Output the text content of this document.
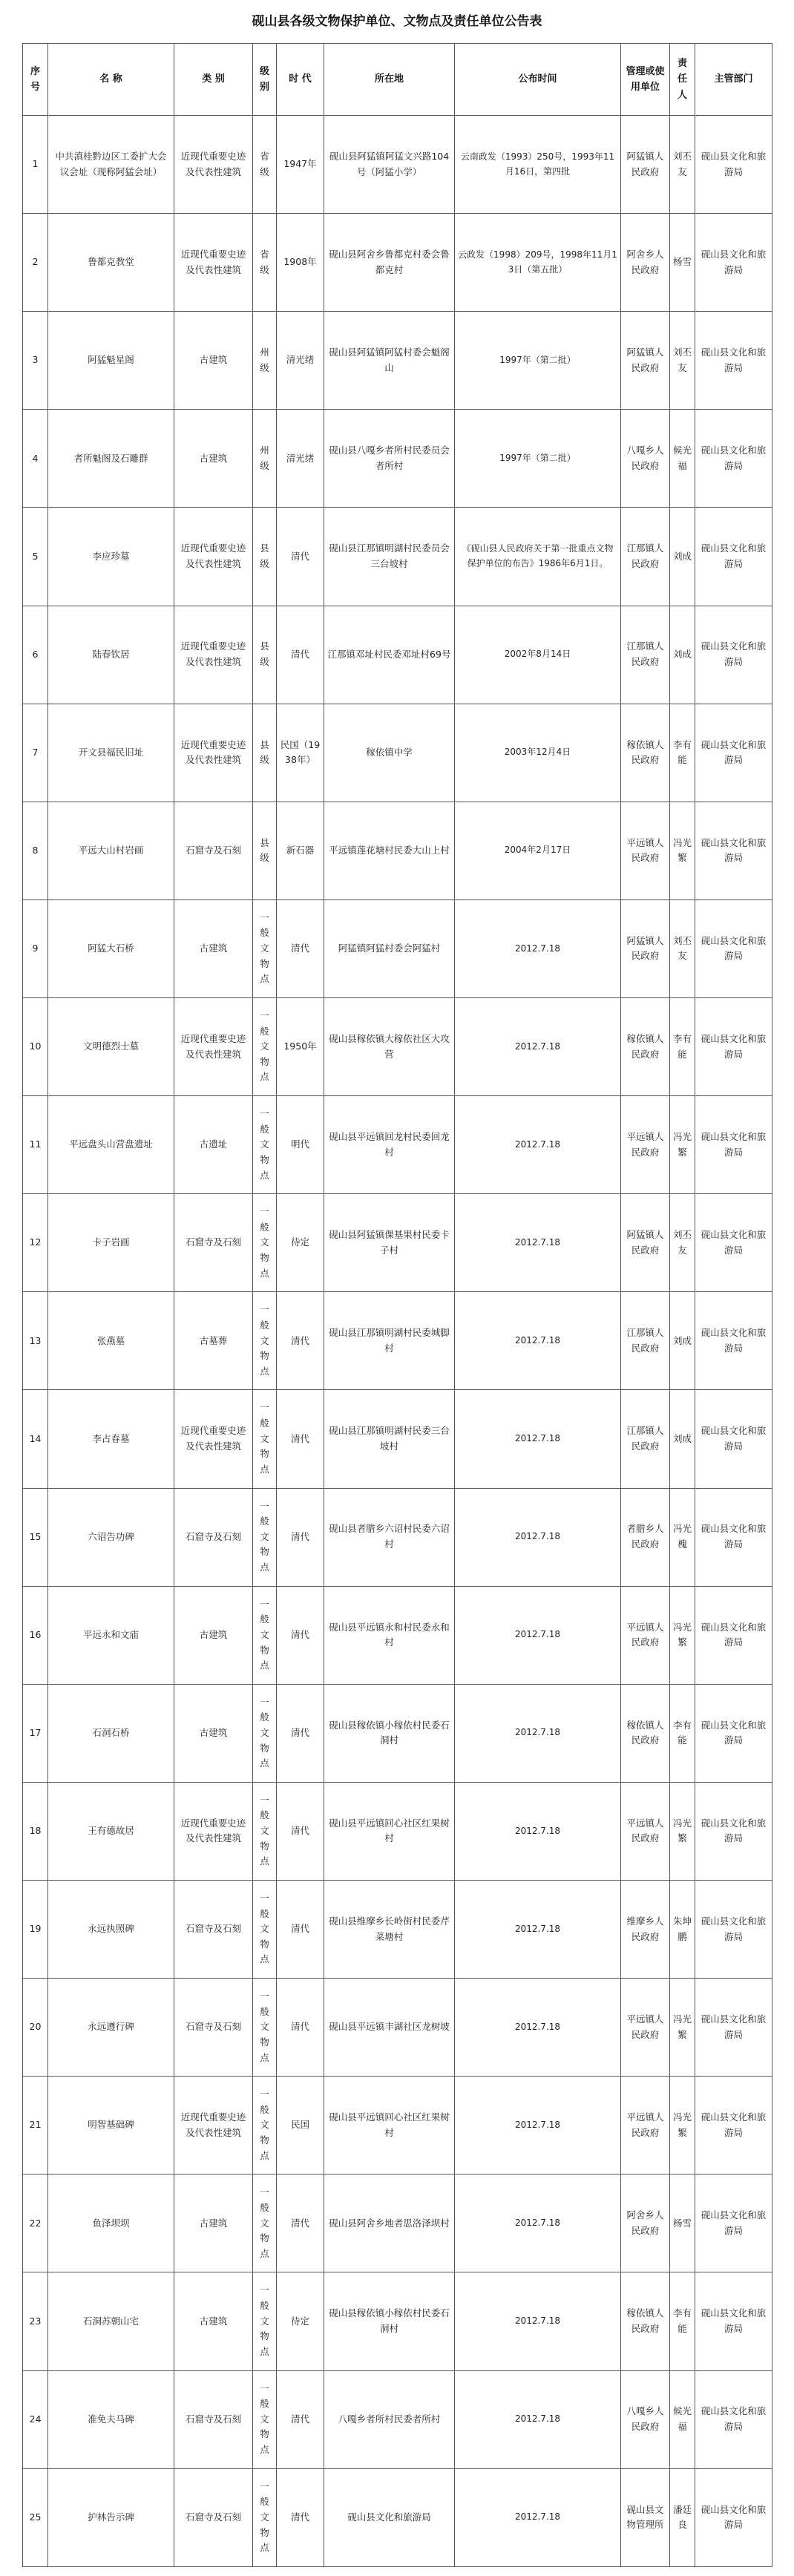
砚山县各级文物保护单位、文物点及责任单位公告表
序号	名 称	类 别	级别	时 代	所在地	公布时间	管理或使用单位	责任人	主管部门
1	中共滇桂黔边区工委扩大会议会址（现称阿猛会址）	近现代重要史迹及代表性建筑	省级	1947年	砚山县阿猛镇阿猛文兴路104号（阿猛小学）	云南政发（1993）250号，1993年11月16日，第四批	阿猛镇人民政府	刘丕友	砚山县文化和旅游局
2	鲁都克教堂	近现代重要史迹及代表性建筑	省级	1908年	砚山县阿舍乡鲁都克村委会鲁都克村	云政发（1998）209号，1998年11月13日（第五批）	阿舍乡人民政府	杨雪	砚山县文化和旅游局
3	阿猛魁星阁	古建筑	州级	清光绪	砚山县阿猛镇阿猛村委会魁阁山	1997年（第二批）	阿猛镇人民政府	刘丕友	砚山县文化和旅游局
4	者所魁阁及石雕群	古建筑	州级	清光绪	砚山县八嘎乡者所村民委员会者所村	1997年（第二批）	八嘎乡人民政府	候光福	砚山县文化和旅游局
5	李应珍墓	近现代重要史迹及代表性建筑	县级	清代	砚山县江那镇明湖村民委员会三台坡村	《砚山县人民政府关于第一批重点文物保护单位的布告》1986年6月1日。	江那镇人民政府	刘成	砚山县文化和旅游局
6	陆春钦居	近现代重要史迹及代表性建筑	县级	清代	江那镇邓址村民委邓址村69号	2002年8月14日	江那镇人民政府	刘成	砚山县文化和旅游局
7	开文县福民旧址	近现代重要史迹及代表性建筑	县级	民国（1938年）	稼依镇中学	2003年12月4日	稼依镇人民政府	李有能	砚山县文化和旅游局
8	平远大山村岩画	石窟寺及石刻	县级	新石器	平远镇莲花塘村民委大山上村	2004年2月17日	平远镇人民政府	冯光繁	砚山县文化和旅游局
9	阿猛大石桥	古建筑	一般文物点	清代	阿猛镇阿猛村委会阿猛村	2012.7.18	阿猛镇人民政府	刘丕友	砚山县文化和旅游局
10	文明德烈士墓	近现代重要史迹及代表性建筑	一般文物点	1950年	砚山县稼依镇大稼依社区大攻营	2012.7.18	稼依镇人民政府	李有能	砚山县文化和旅游局
11	平远盘头山营盘遗址	古遗址	一般文物点	明代	砚山县平远镇回龙村民委回龙村	2012.7.18	平远镇人民政府	冯光繁	砚山县文化和旅游局
12	卡子岩画	石窟寺及石刻	一般文物点	待定	砚山县阿猛镇倮基果村民委卡子村	2012.7.18	阿猛镇人民政府	刘丕友	砚山县文化和旅游局
13	张燕墓	古墓葬	一般文物点	清代	砚山县江那镇明湖村民委城脚村	2012.7.18	江那镇人民政府	刘成	砚山县文化和旅游局
14	李占春墓	近现代重要史迹及代表性建筑	一般文物点	清代	砚山县江那镇明湖村民委三台坡村	2012.7.18	江那镇人民政府	刘成	砚山县文化和旅游局
15	六诏告功碑	石窟寺及石刻	一般文物点	清代	砚山县者腊乡六诏村民委六诏村	2012.7.18	者腊乡人民政府	冯光槐	砚山县文化和旅游局
16	平远永和文庙	古建筑	一般文物点	清代	砚山县平远镇永和村民委永和村	2012.7.18	平远镇人民政府	冯光繁	砚山县文化和旅游局
17	石洞石桥	古建筑	一般文物点	清代	砚山县稼依镇小稼依村民委石洞村	2012.7.18	稼依镇人民政府	李有能	砚山县文化和旅游局
18	王有德故居	近现代重要史迹及代表性建筑	一般文物点	清代	砚山县平远镇回心社区红果树村	2012.7.18	平远镇人民政府	冯光繁	砚山县文化和旅游局
19	永远执照碑	石窟寺及石刻	一般文物点	清代	砚山县维摩乡长岭街村民委芹菜塘村	2012.7.18	维摩乡人民政府	朱坤鹏	砚山县文化和旅游局
20	永远遵行碑	石窟寺及石刻	一般文物点	清代	砚山县平远镇丰湖社区龙树坡	2012.7.18	平远镇人民政府	冯光繁	砚山县文化和旅游局
21	明智基础碑	近现代重要史迹及代表性建筑	一般文物点	民国	砚山县平远镇回心社区红果树村	2012.7.18	平远镇人民政府	冯光繁	砚山县文化和旅游局
22	鱼泽坝坝	古建筑	一般文物点	清代	砚山县阿舍乡地者思洛泽坝村	2012.7.18	阿舍乡人民政府	杨雪	砚山县文化和旅游局
23	石洞苏朝山宅	古建筑	一般文物点	待定	砚山县稼依镇小稼依村民委石洞村	2012.7.18	稼依镇人民政府	李有能	砚山县文化和旅游局
24	准免夫马碑	石窟寺及石刻	一般文物点	清代	八嘎乡者所村民委者所村	2012.7.18	八嘎乡人民政府	候光福	砚山县文化和旅游局
25	护林告示碑	石窟寺及石刻	一般文物点	清代	砚山县文化和旅游局	2012.7.18	砚山县文物管理所	潘廷良	砚山县文化和旅游局
